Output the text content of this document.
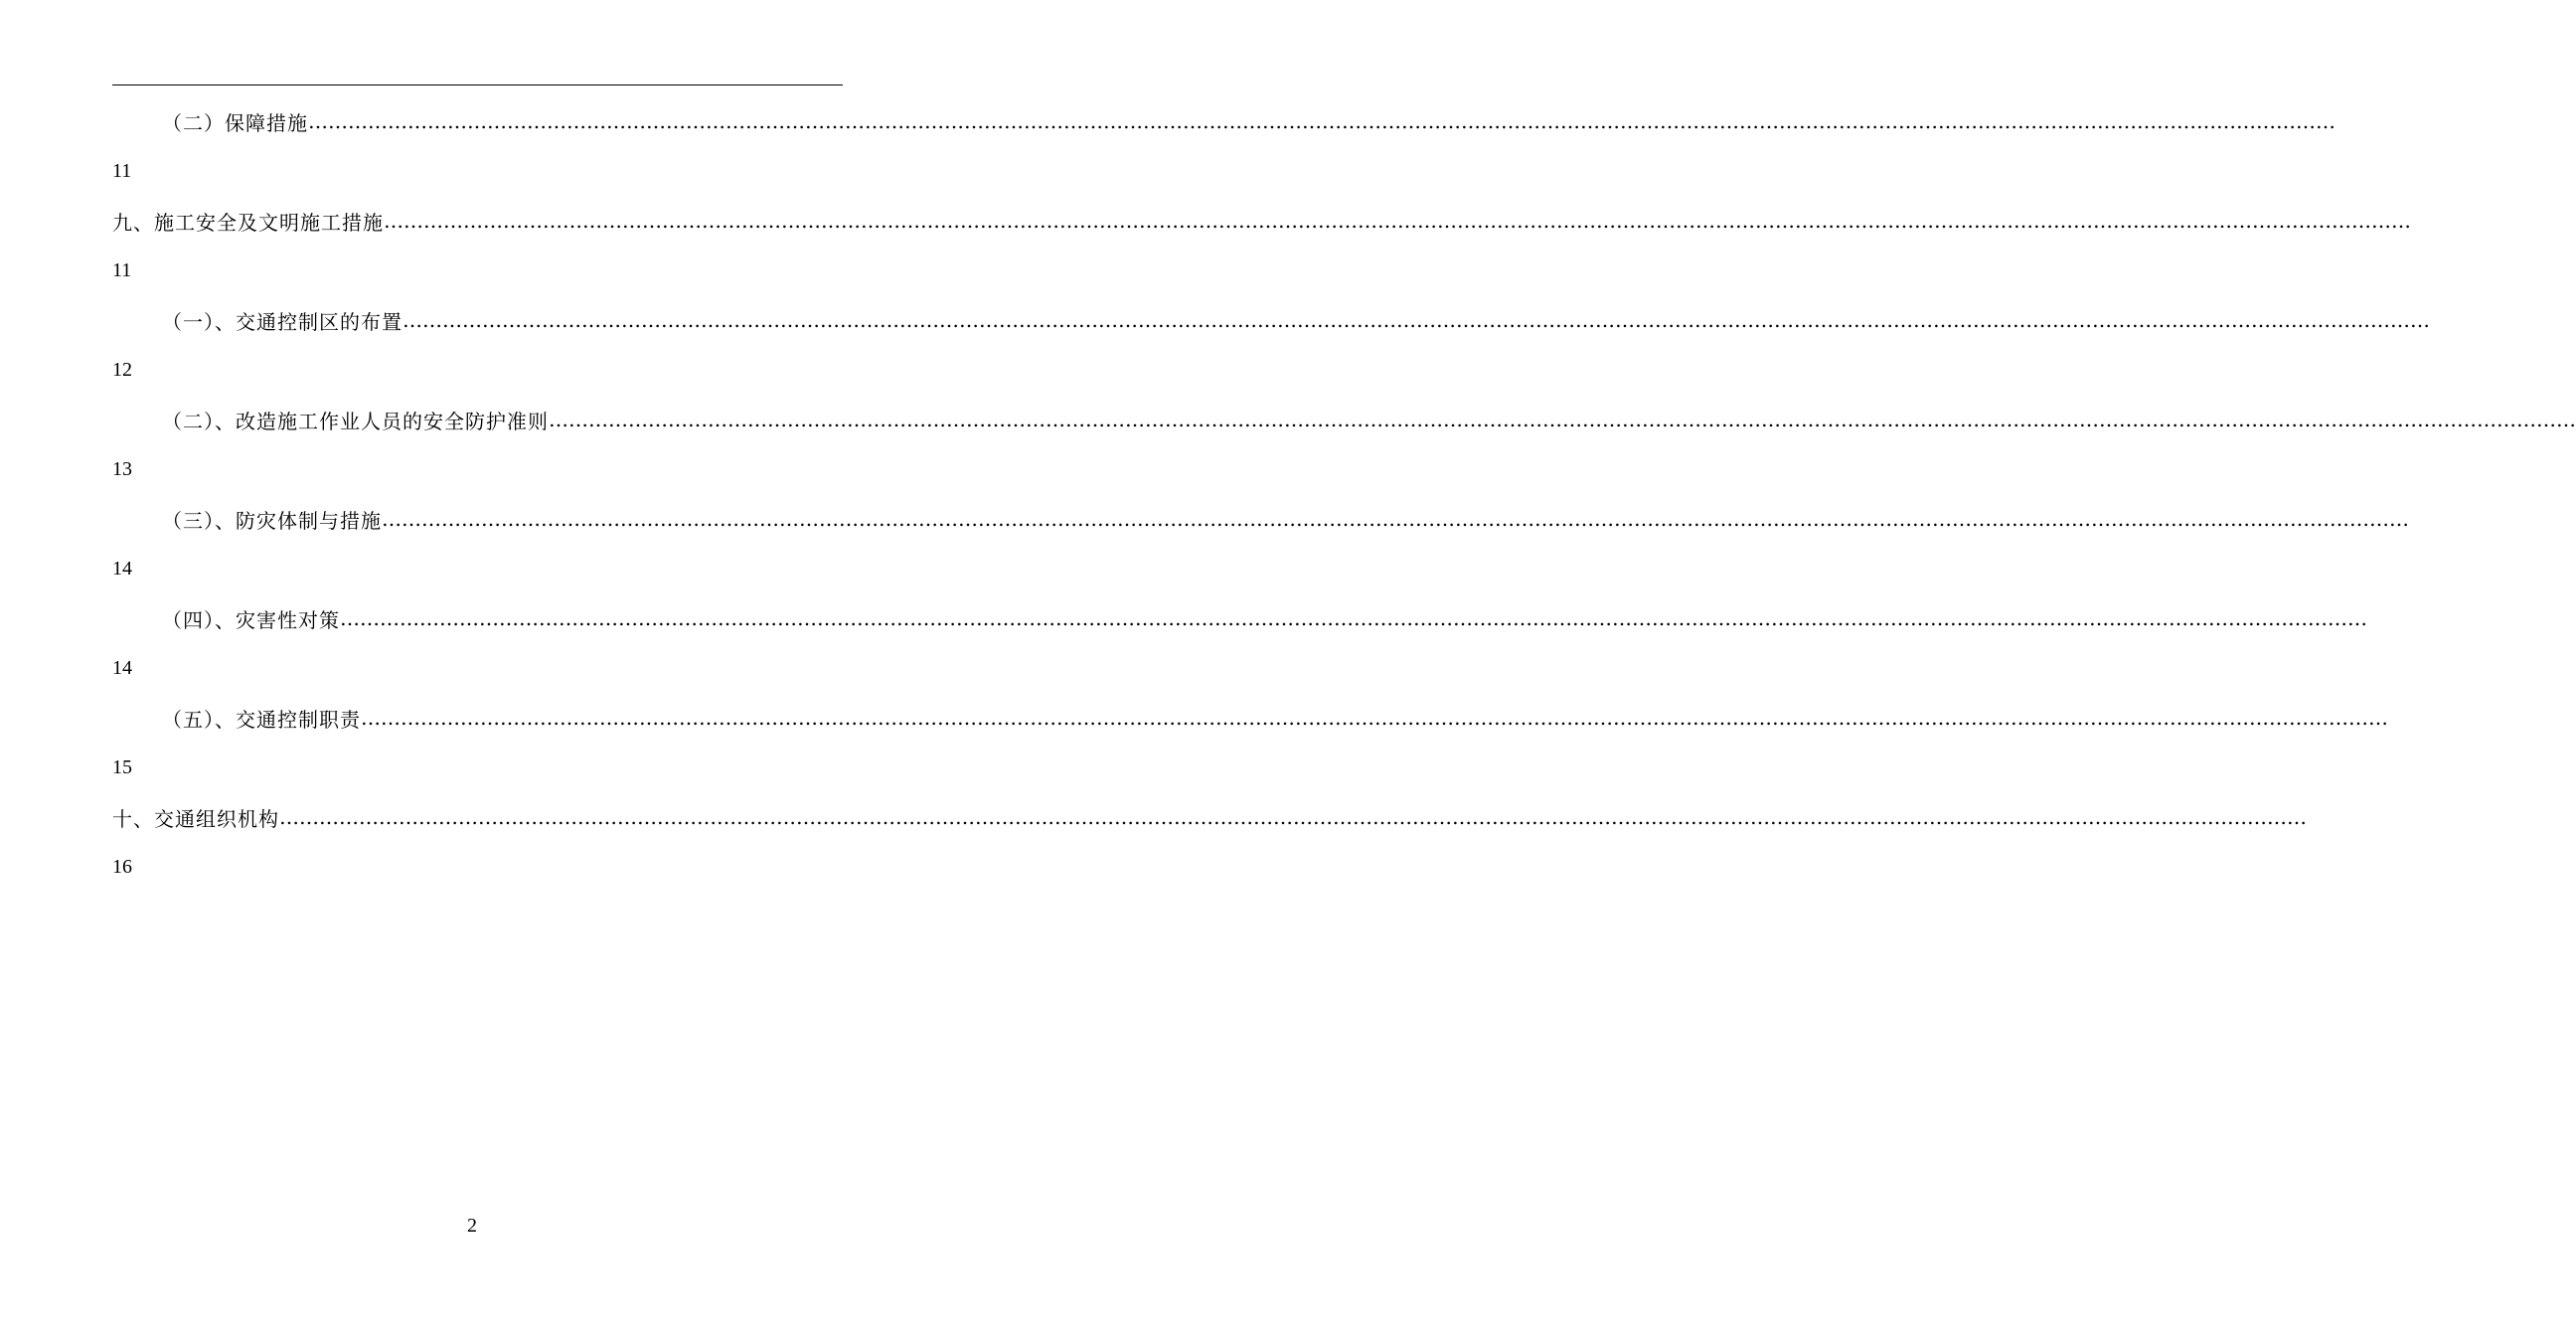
（二）保障措施 ………………………………………………………………………………………………………………………………………………………………………………………………………………………………………………………………………………
11
九、施工安全及文明施工措施 ………………………………………………………………………………………………………………………………………………………………………………………………………………………………………………………………………………
11
（一）、交通控制区的布置 ………………………………………………………………………………………………………………………………………………………………………………………………………………………………………………………………………………
12
（二）、改造施工作业人员的安全防护准则 ………………………………………………………………………………………………………………………………………………………………………………………………………………………………………………………………………………
13
（三）、防灾体制与措施 ………………………………………………………………………………………………………………………………………………………………………………………………………………………………………………………………………………
14
（四）、灾害性对策 ………………………………………………………………………………………………………………………………………………………………………………………………………………………………………………………………………………
14
（五）、交通控制职责 ………………………………………………………………………………………………………………………………………………………………………………………………………………………………………………………………………………
15
十、交通组织机构 ………………………………………………………………………………………………………………………………………………………………………………………………………………………………………………………………………………
16
2
